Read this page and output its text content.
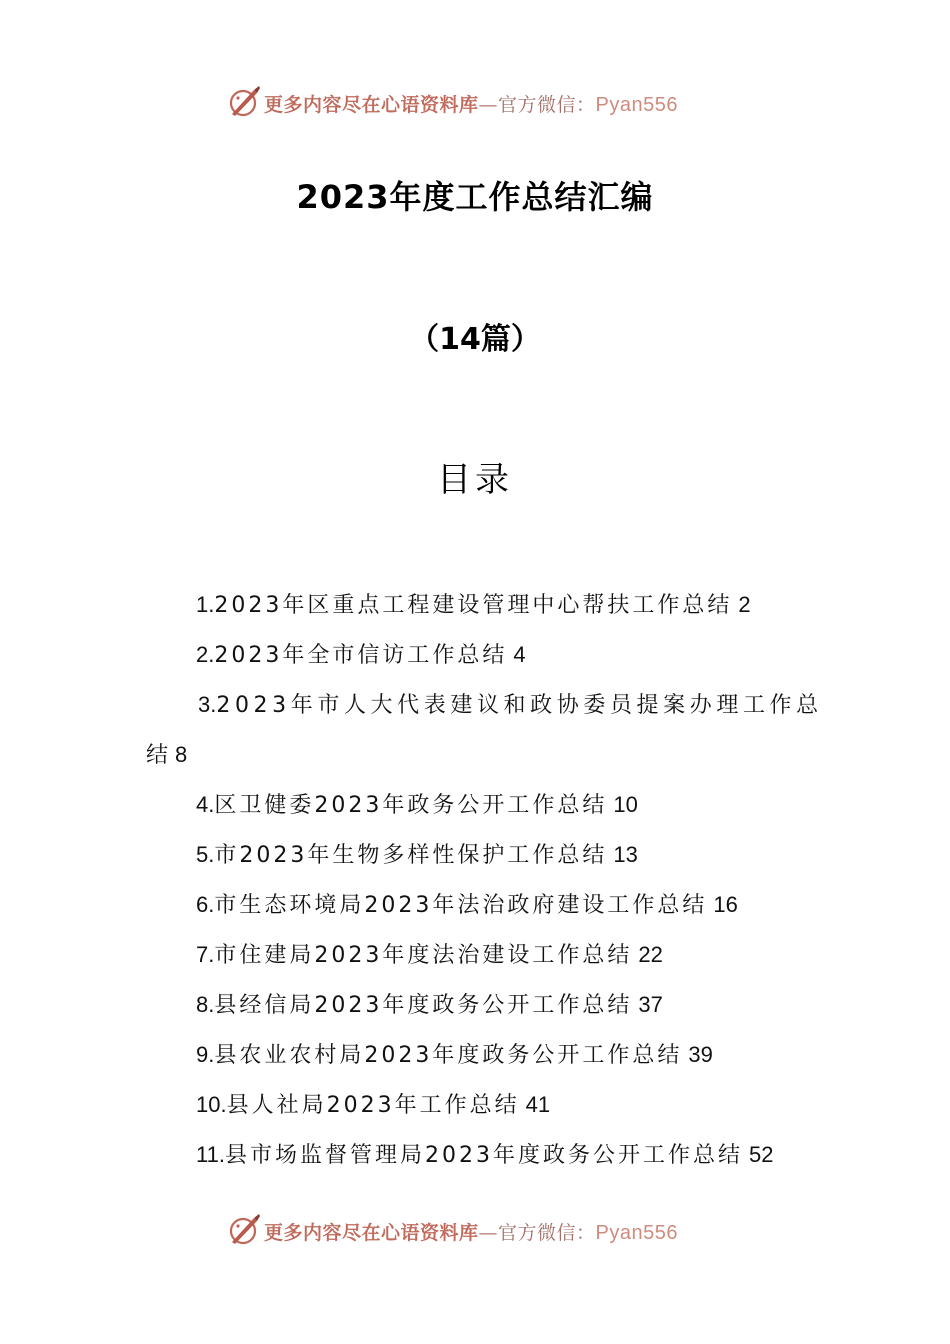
更多内容尽在心语资料库—官方微信：Pyan556
2023年度工作总结汇编
（14篇）
目录
1.2023年区重点工程建设管理中心帮扶工作总结 2
2.2023年全市信访工作总结 4
3.2023年市人大代表建议和政协委员提案办理工作总
结 8
4.区卫健委2023年政务公开工作总结 10
5.市2023年生物多样性保护工作总结 13
6.市生态环境局2023年法治政府建设工作总结 16
7.市住建局2023年度法治建设工作总结 22
8.县经信局2023年度政务公开工作总结 37
9.县农业农村局2023年度政务公开工作总结 39
10.县人社局2023年工作总结 41
11.县市场监督管理局2023年度政务公开工作总结 52
更多内容尽在心语资料库—官方微信：Pyan556
